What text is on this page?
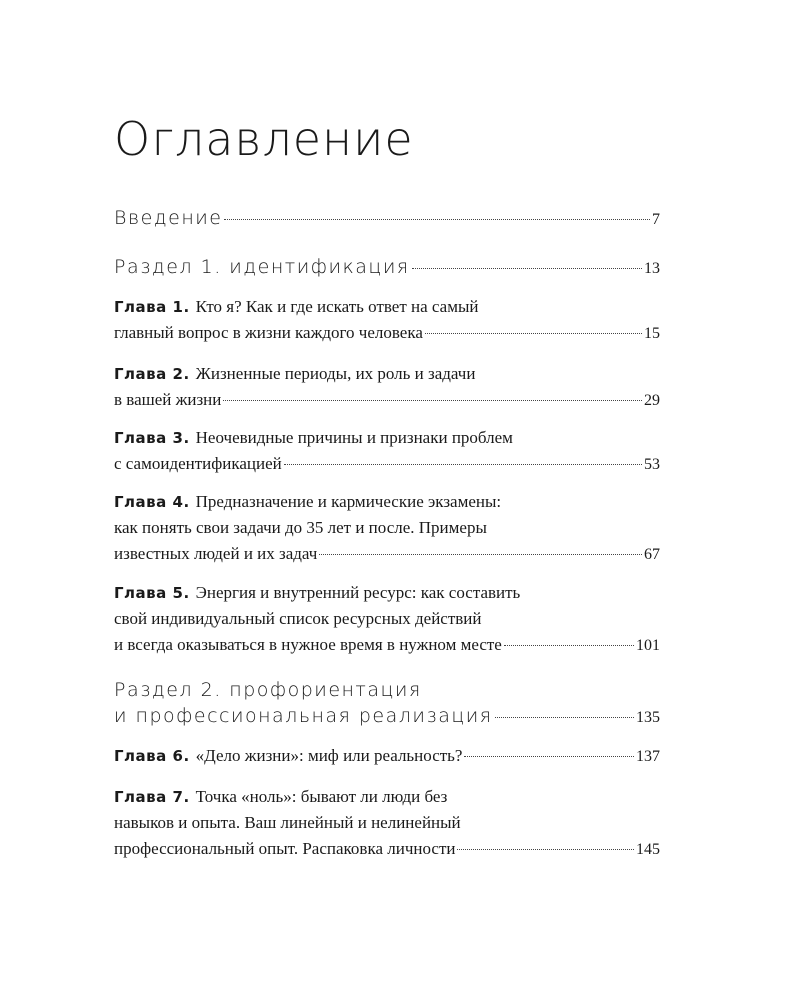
Оглавление
Введение	7
Раздел 1. идентификация	13
Глава 1. Кто я? Как и где искать ответ на самый
главный вопрос в жизни каждого человека	15
Глава 2. Жизненные периоды, их роль и задачи
в вашей жизни	29
Глава 3. Неочевидные причины и признаки проблем
с самоидентификацией	53
Глава 4. Предназначение и кармические экзамены:
как понять свои задачи до 35 лет и после. Примеры
известных людей и их задач	67
Глава 5. Энергия и внутренний ресурс: как составить
свой индивидуальный список ресурсных действий
и всегда оказываться в нужное время в нужном месте	101
Раздел 2. профориентация
и профессиональная реализация	135
Глава 6. «Дело жизни»: миф или реальность?	137
Глава 7. Точка «ноль»: бывают ли люди без
навыков и опыта. Ваш линейный и нелинейный
профессиональный опыт. Распаковка личности	145
